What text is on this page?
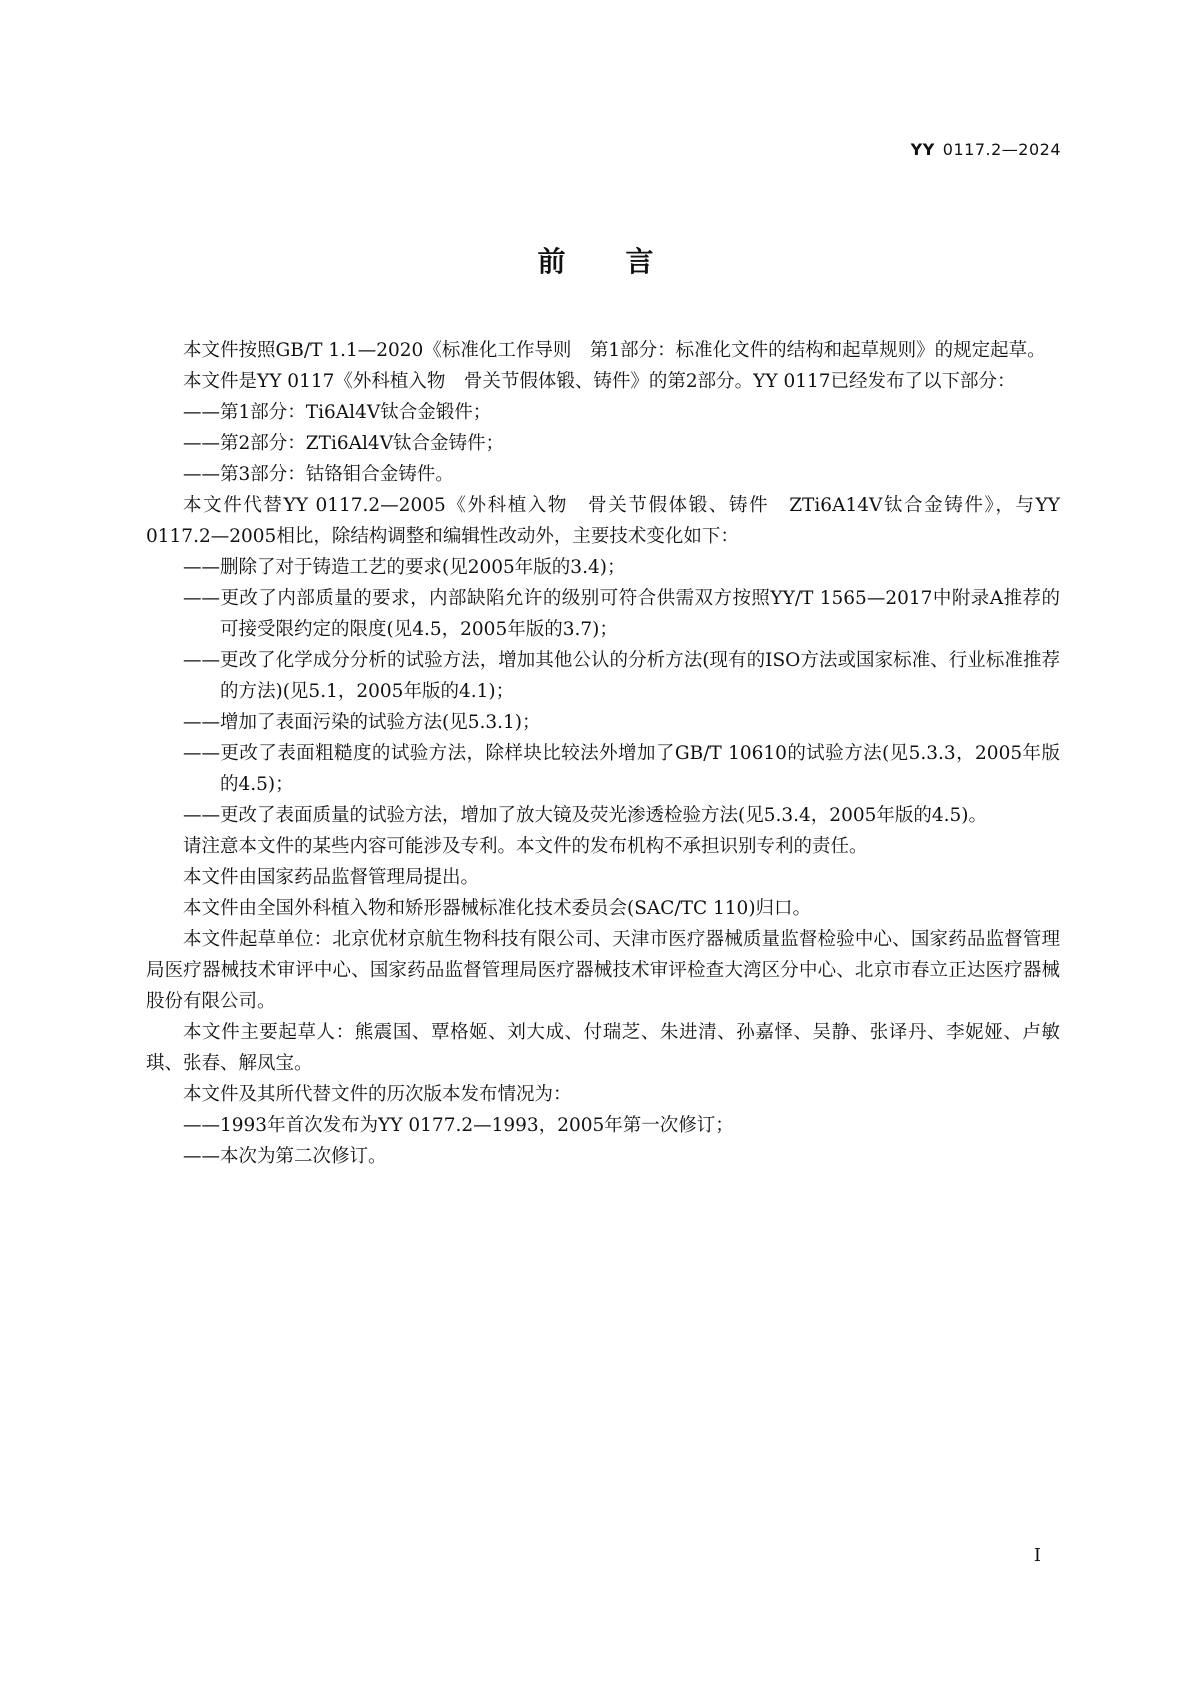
YY 0117.2—2024
前 言

本文件按照GB/T 1.1—2020《标准化工作导则　第1部分：标准化文件的结构和起草规则》的规定起草。

本文件是YY 0117《外科植入物　骨关节假体锻、铸件》的第2部分。YY 0117已经发布了以下部分：

——第1部分：Ti6Al4V钛合金锻件；

——第2部分：ZTi6Al4V钛合金铸件；

——第3部分：钴铬钼合金铸件。

本文件代替YY 0117.2—2005《外科植入物　骨关节假体锻、铸件　ZTi6A14V钛合金铸件》，与YY 0117.2—2005相比，除结构调整和编辑性改动外，主要技术变化如下：

——删除了对于铸造工艺的要求(见2005年版的3.4)；

——更改了内部质量的要求，内部缺陷允许的级别可符合供需双方按照YY/T 1565—2017中附录A推荐的可接受限约定的限度(见4.5，2005年版的3.7)；

——更改了化学成分分析的试验方法，增加其他公认的分析方法(现有的ISO方法或国家标准、行业标准推荐的方法)(见5.1，2005年版的4.1)；

——增加了表面污染的试验方法(见5.3.1)；

——更改了表面粗糙度的试验方法，除样块比较法外增加了GB/T 10610的试验方法(见5.3.3，2005年版的4.5)；

——更改了表面质量的试验方法，增加了放大镜及荧光渗透检验方法(见5.3.4，2005年版的4.5)。

请注意本文件的某些内容可能涉及专利。本文件的发布机构不承担识别专利的责任。

本文件由国家药品监督管理局提出。

本文件由全国外科植入物和矫形器械标准化技术委员会(SAC/TC 110)归口。

本文件起草单位：北京优材京航生物科技有限公司、天津市医疗器械质量监督检验中心、国家药品监督管理局医疗器械技术审评中心、国家药品监督管理局医疗器械技术审评检查大湾区分中心、北京市春立正达医疗器械股份有限公司。

本文件主要起草人：熊震国、覃格姬、刘大成、付瑞芝、朱进清、孙嘉怿、吴静、张译丹、李妮娅、卢敏琪、张春、解凤宝。

本文件及其所代替文件的历次版本发布情况为：

——1993年首次发布为YY 0177.2—1993，2005年第一次修订；

——本次为第二次修订。

I
